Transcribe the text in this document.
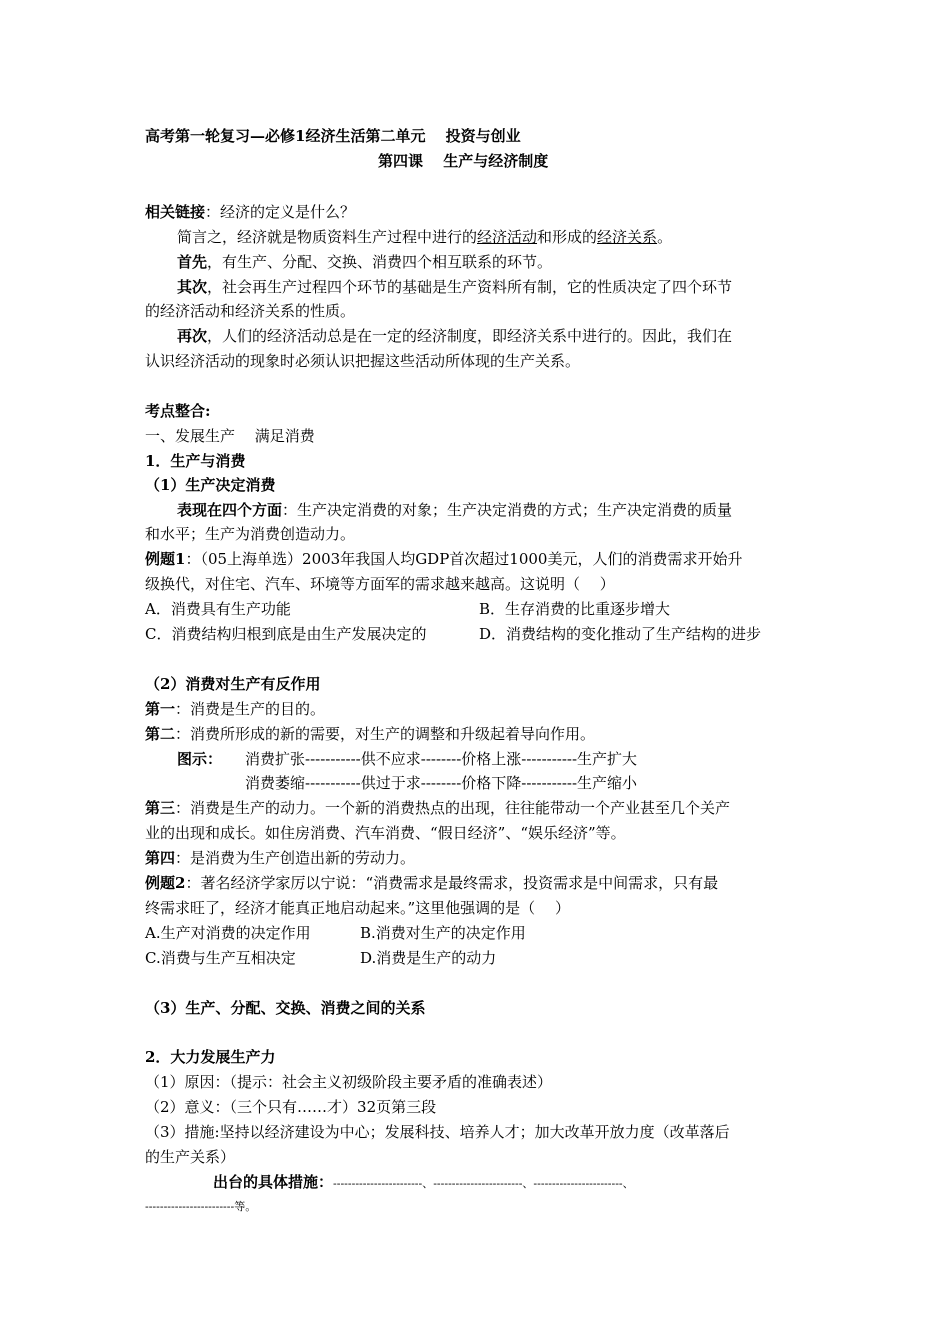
高考第一轮复习—必修1经济生活第二单元　 投资与创业
第四课　 生产与经济制度
相关链接：经济的定义是什么？
简言之，经济就是物质资料生产过程中进行的经济活动和形成的经济关系。
首先，有生产、分配、交换、消费四个相互联系的环节。
其次，社会再生产过程四个环节的基础是生产资料所有制，它的性质决定了四个环节
的经济活动和经济关系的性质。
再次，人们的经济活动总是在一定的经济制度，即经济关系中进行的。因此，我们在
认识经济活动的现象时必须认识把握这些活动所体现的生产关系。
考点整合:
一、发展生产　 满足消费
1．生产与消费
（1）生产决定消费
表现在四个方面：生产决定消费的对象；生产决定消费的方式；生产决定消费的质量
和水平；生产为消费创造动力。
例题1：（05上海单选）2003年我国人均GDP首次超过1000美元，人们的消费需求开始升
级换代，对住宅、汽车、环境等方面军的需求越来越高。这说明（　 ）
A．消费具有生产功能	B．生存消费的比重逐步增大
C．消费结构归根到底是由生产发展决定的	D．消费结构的变化推动了生产结构的进步
（2）消费对生产有反作用
第一：消费是生产的目的。
第二：消费所形成的新的需要，对生产的调整和升级起着导向作用。
图示： 消费扩张-----------供不应求--------价格上涨-----------生产扩大
消费萎缩-----------供过于求--------价格下降-----------生产缩小
第三：消费是生产的动力。一个新的消费热点的出现，往往能带动一个产业甚至几个关产
业的出现和成长。如住房消费、汽车消费、“假日经济”、“娱乐经济”等。
第四：是消费为生产创造出新的劳动力。
例题2：著名经济学家厉以宁说：“消费需求是最终需求，投资需求是中间需求，只有最
终需求旺了，经济才能真正地启动起来。”这里他强调的是（　 ）
A.生产对消费的决定作用	B.消费对生产的决定作用
C.消费与生产互相决定	D.消费是生产的动力
（3）生产、分配、交换、消费之间的关系
2．大力发展生产力
（1）原因：（提示：社会主义初级阶段主要矛盾的准确表述）
（2）意义：（三个只有……才）32页第三段
（3）措施:坚持以经济建设为中心；发展科技、培养人才；加大改革开放力度（改革落后
的生产关系）
出台的具体措施：------------------------、------------------------、------------------------、
------------------------等。
